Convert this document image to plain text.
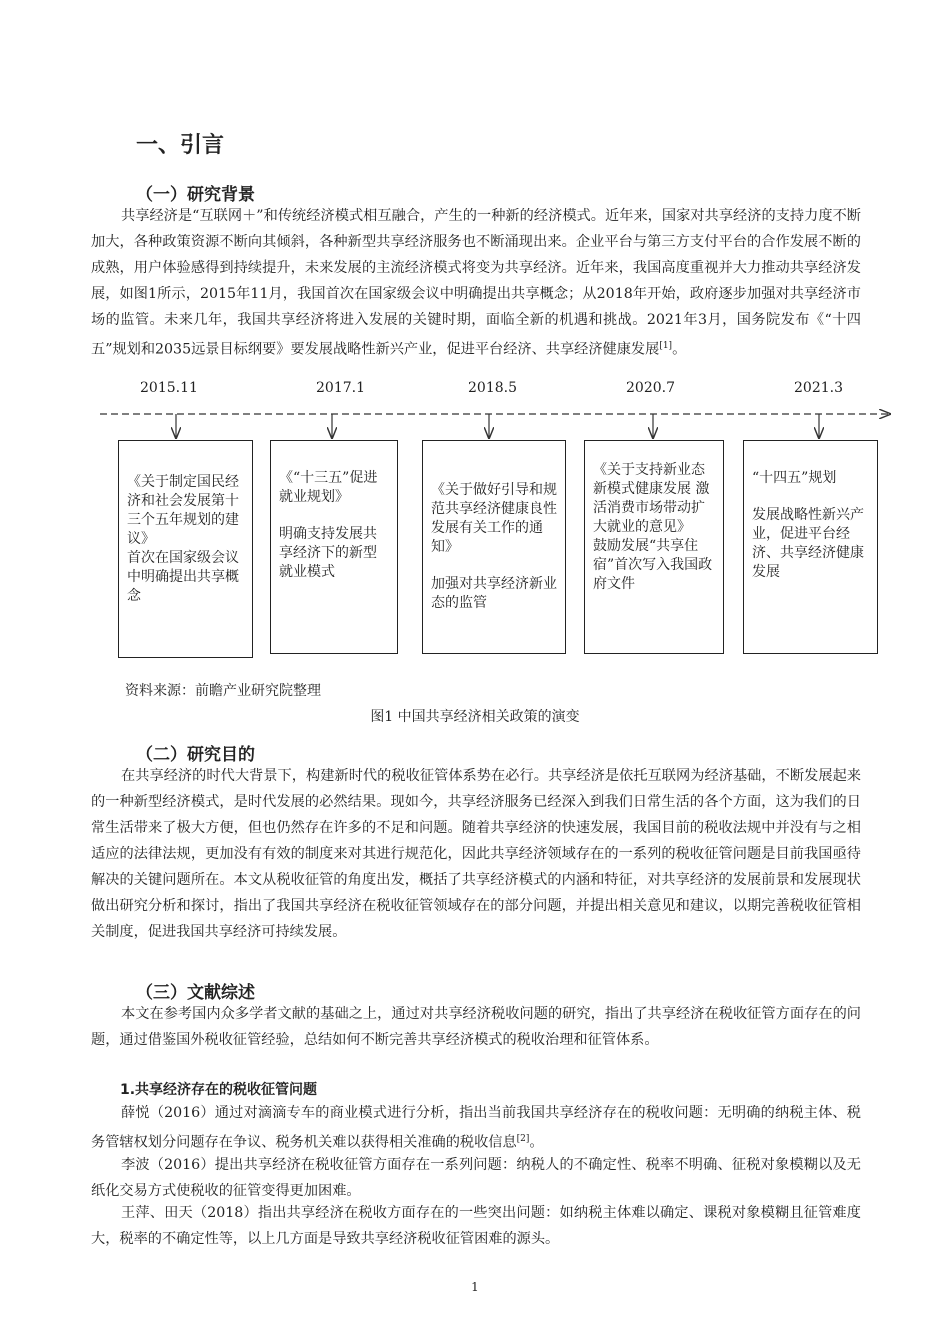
一、引言
（一）研究背景

共享经济是“互联网＋”和传统经济模式相互融合，产生的一种新的经济模式。近年来，国家对共享经济的支持力度不断加大，各种政策资源不断向其倾斜，各种新型共享经济服务也不断涌现出来。企业平台与第三方支付平台的合作发展不断的成熟，用户体验感得到持续提升，未来发展的主流经济模式将变为共享经济。近年来，我国高度重视并大力推动共享经济发展，如图1所示，2015年11月，我国首次在国家级会议中明确提出共享概念；从2018年开始，政府逐步加强对共享经济市场的监管。未来几年，我国共享经济将进入发展的关键时期，面临全新的机遇和挑战。2021年3月，国务院发布《“十四五”规划和2035远景目标纲要》要发展战略性新兴产业，促进平台经济、共享经济健康发展[1]。

2015.11	2017.1	2018.5	2020.7	2021.3

《关于制定国民经济和社会发展第十三个五年规划的建议》

首次在国家级会议中明确提出共享概念

《“十三五”促进就业规划》

明确支持发展共享经济下的新型就业模式

《关于做好引导和规范共享经济健康良性发展有关工作的通知》

加强对共享经济新业态的监管

《关于支持新业态新模式健康发展 激活消费市场带动扩大就业的意见》

鼓励发展“共享住宿”首次写入我国政府文件

“十四五”规划

发展战略性新兴产业，促进平台经济、共享经济健康发展

资料来源：前瞻产业研究院整理
图1 中国共享经济相关政策的演变
（二）研究目的

在共享经济的时代大背景下，构建新时代的税收征管体系势在必行。共享经济是依托互联网为经济基础，不断发展起来的一种新型经济模式，是时代发展的必然结果。现如今，共享经济服务已经深入到我们日常生活的各个方面，这为我们的日常生活带来了极大方便，但也仍然存在许多的不足和问题。随着共享经济的快速发展，我国目前的税收法规中并没有与之相适应的法律法规，更加没有有效的制度来对其进行规范化，因此共享经济领域存在的一系列的税收征管问题是目前我国亟待解决的关键问题所在。本文从税收征管的角度出发，概括了共享经济模式的内涵和特征，对共享经济的发展前景和发展现状做出研究分析和探讨，指出了我国共享经济在税收征管领域存在的部分问题，并提出相关意见和建议，以期完善税收征管相关制度，促进我国共享经济可持续发展。

（三）文献综述

本文在参考国内众多学者文献的基础之上，通过对共享经济税收问题的研究，指出了共享经济在税收征管方面存在的问题，通过借鉴国外税收征管经验，总结如何不断完善共享经济模式的税收治理和征管体系。

1.共享经济存在的税收征管问题

薛悦（2016）通过对滴滴专车的商业模式进行分析，指出当前我国共享经济存在的税收问题：无明确的纳税主体、税务管辖权划分问题存在争议、税务机关难以获得相关准确的税收信息[2]。

李波（2016）提出共享经济在税收征管方面存在一系列问题：纳税人的不确定性、税率不明确、征税对象模糊以及无纸化交易方式使税收的征管变得更加困难。

王萍、田天（2018）指出共享经济在税收方面存在的一些突出问题：如纳税主体难以确定、课税对象模糊且征管难度大，税率的不确定性等，以上几方面是导致共享经济税收征管困难的源头。

1
